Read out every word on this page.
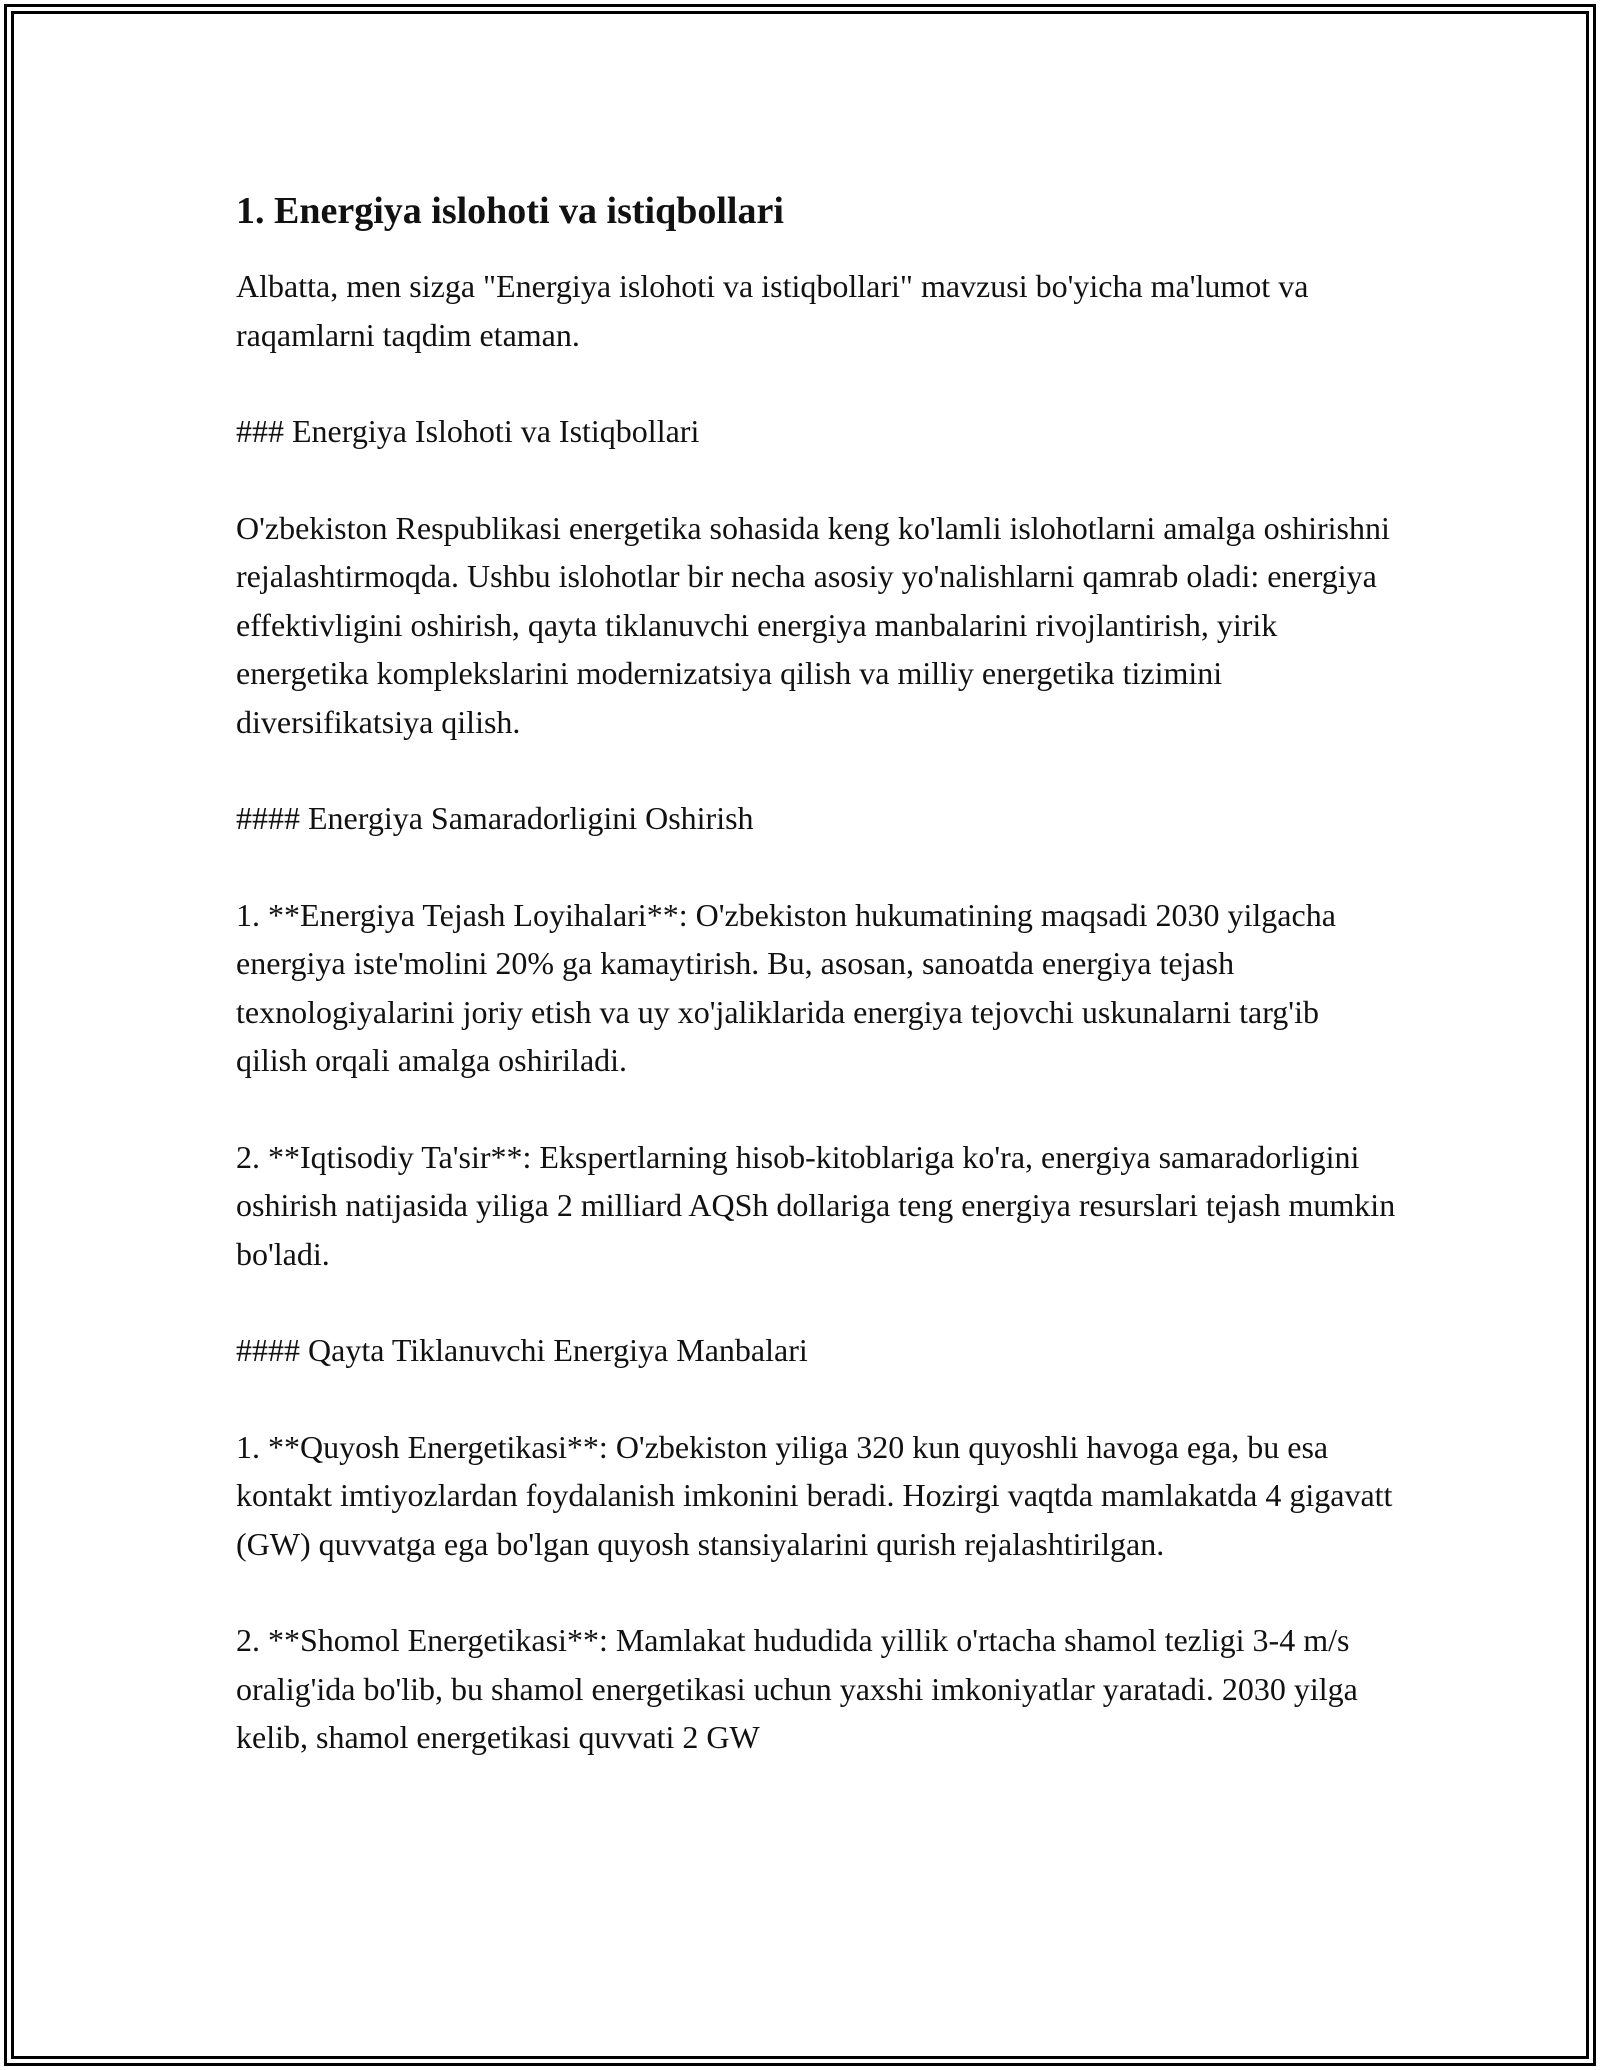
1. Energiya islohoti va istiqbollari

Albatta, men sizga "Energiya islohoti va istiqbollari" mavzusi bo'yicha ma'lumot va raqamlarni taqdim etaman.

### Energiya Islohoti va Istiqbollari

O'zbekiston Respublikasi energetika sohasida keng ko'lamli islohotlarni amalga oshirishni rejalashtirmoqda. Ushbu islohotlar bir necha asosiy yo'nalishlarni qamrab oladi: energiya effektivligini oshirish, qayta tiklanuvchi energiya manbalarini rivojlantirish, yirik energetika komplekslarini modernizatsiya qilish va milliy energetika tizimini diversifikatsiya qilish.

#### Energiya Samaradorligini Oshirish

1. **Energiya Tejash Loyihalari**: O'zbekiston hukumatining maqsadi 2030 yilgacha energiya iste'molini 20% ga kamaytirish. Bu, asosan, sanoatda energiya tejash texnologiyalarini joriy etish va uy xo'jaliklarida energiya tejovchi uskunalarni targ'ib qilish orqali amalga oshiriladi.

2. **Iqtisodiy Ta'sir**: Ekspertlarning hisob-kitoblariga ko'ra, energiya samaradorligini oshirish natijasida yiliga 2 milliard AQSh dollariga teng energiya resurslari tejash mumkin bo'ladi.

#### Qayta Tiklanuvchi Energiya Manbalari

1. **Quyosh Energetikasi**: O'zbekiston yiliga 320 kun quyoshli havoga ega, bu esa kontakt imtiyozlardan foydalanish imkonini beradi. Hozirgi vaqtda mamlakatda 4 gigavatt (GW) quvvatga ega bo'lgan quyosh stansiyalarini qurish rejalashtirilgan.

2. **Shomol Energetikasi**: Mamlakat hududida yillik o'rtacha shamol tezligi 3-4 m/s oralig'ida bo'lib, bu shamol energetikasi uchun yaxshi imkoniyatlar yaratadi. 2030 yilga kelib, shamol energetikasi quvvati 2 GW
